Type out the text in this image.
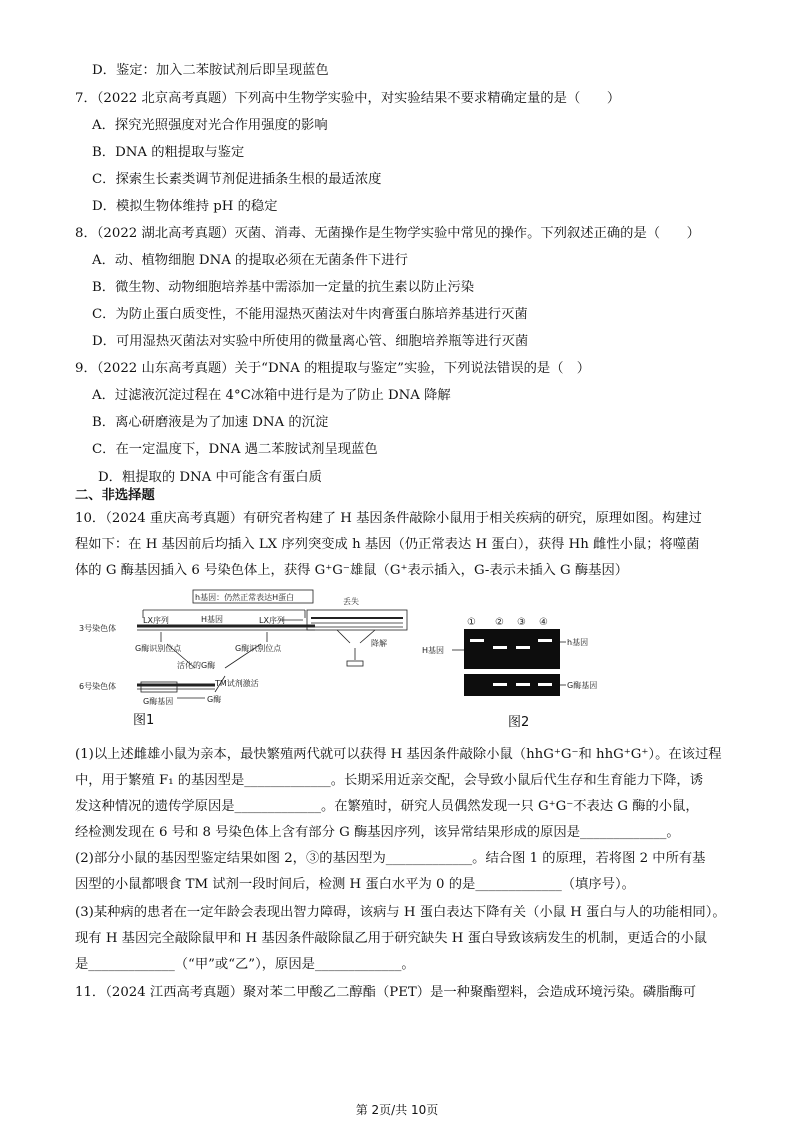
D．鉴定：加入二苯胺试剂后即呈现蓝色
7．（2022 北京高考真题）下列高中生物学实验中，对实验结果不要求精确定量的是（　　）
A．探究光照强度对光合作用强度的影响
B．DNA 的粗提取与鉴定
C．探索生长素类调节剂促进插条生根的最适浓度
D．模拟生物体维持 pH 的稳定
8．（2022 湖北高考真题）灭菌、消毒、无菌操作是生物学实验中常见的操作。下列叙述正确的是（　　）
A．动、植物细胞 DNA 的提取必须在无菌条件下进行
B．微生物、动物细胞培养基中需添加一定量的抗生素以防止污染
C．为防止蛋白质变性，不能用湿热灭菌法对牛肉膏蛋白胨培养基进行灭菌
D．可用湿热灭菌法对实验中所使用的微量离心管、细胞培养瓶等进行灭菌
9．（2022 山东高考真题）关于“DNA 的粗提取与鉴定”实验，下列说法错误的是（　）
A．过滤液沉淀过程在 4°C冰箱中进行是为了防止 DNA 降解
B．离心研磨液是为了加速 DNA 的沉淀
C．在一定温度下，DNA 遇二苯胺试剂呈现蓝色
D．粗提取的 DNA 中可能含有蛋白质
二、非选择题
10．（2024 重庆高考真题）有研究者构建了 H 基因条件敲除小鼠用于相关疾病的研究，原理如图。构建过
程如下：在 H 基因前后均插入 LX 序列突变成 h 基因（仍正常表达 H 蛋白），获得 Hh 雌性小鼠；将噬菌
体的 G 酶基因插入 6 号染色体上，获得 G⁺G⁻雄鼠（G⁺表示插入，G-表示未插入 G 酶基因）
h基因：仍然正常表达H蛋白
3号染色体
LX序列	H基因	LX序列
G酶识别位点	G酶识别位点
活化的G酶
6号染色体
G酶基因	G酶
TM试剂激活
丢失
降解
图1
① ② ③ ④
H基因
h基因
G酶基因
图2
(1)以上述雌雄小鼠为亲本，最快繁殖两代就可以获得 H 基因条件敲除小鼠（hhG⁺G⁻和 hhG⁺G⁺）。在该过程
中，用于繁殖 F₁ 的基因型是_____________。长期采用近亲交配，会导致小鼠后代生存和生育能力下降，诱
发这种情况的遗传学原因是_____________。在繁殖时，研究人员偶然发现一只 G⁺G⁻不表达 G 酶的小鼠，
经检测发现在 6 号和 8 号染色体上含有部分 G 酶基因序列，该异常结果形成的原因是_____________。
(2)部分小鼠的基因型鉴定结果如图 2，③的基因型为_____________。结合图 1 的原理，若将图 2 中所有基
因型的小鼠都喂食 TM 试剂一段时间后，检测 H 蛋白水平为 0 的是_____________（填序号）。
(3)某种病的患者在一定年龄会表现出智力障碍，该病与 H 蛋白表达下降有关（小鼠 H 蛋白与人的功能相同）。
现有 H 基因完全敲除鼠甲和 H 基因条件敲除鼠乙用于研究缺失 H 蛋白导致该病发生的机制，更适合的小鼠
是_____________（“甲”或“乙”），原因是_____________。
11．（2024 江西高考真题）聚对苯二甲酸乙二醇酯（PET）是一种聚酯塑料，会造成环境污染。磷脂酶可
第 2页/共 10页
